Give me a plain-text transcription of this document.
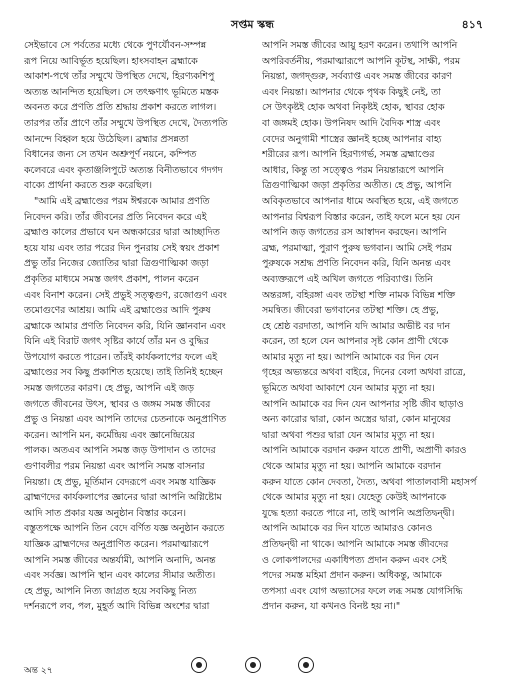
সপ্তম স্কন্ধ	৪১৭
সেইভাবে সে পর্বতের মধ্যে থেকে পুণর্যৌবন-সম্পন্ন
রূপ নিয়ে আবির্ভূত হয়েছিল। হাংসবাহন ব্রহ্মাকে
আকাশ-পথে তাঁর সম্মুখে উপস্থিত দেখে, হিরণ্যকশিপু
অত্যন্ত আনন্দিত হয়েছিল। সে তৎক্ষণাৎ ভূমিতে মস্তক
অবনত করে প্রণতি প্রতি শ্রদ্ধায় প্রকাশ করতে লাগল।
তারপর তাঁর প্রাণে তাঁর সম্মুখে উপস্থিত দেখে, দৈত্যপতি
আনন্দে বিহ্বল হয়ে উঠেছিল। ব্রহ্মার প্রসন্নতা
বিধানের জন্য সে তখন অশ্রুপূর্ণ নয়নে, কম্পিত
কলেবরে এবং কৃতাঞ্জলিপুটে অত্যন্ত বিনীতভাবে গদগদ
বাক্যে প্রার্থনা করতে শুরু করেছিল।
"আমি এই ব্রহ্মাণ্ডের পরম ঈশ্বরকে আমার প্রণতি
নিবেদন করি। তাঁর জীবনের প্রতি নিবেদন করে এই
ব্রহ্মাণ্ড কালের প্রভাবে ঘন অন্ধকারের দ্বারা আচ্ছাদিত
হয়ে যায় এবং তার পরের দিন পুনরায় সেই স্বয়ং প্রকাশ
প্রভু তাঁর নিজের জ্যোতির দ্বারা ত্রিগুণাত্মিকা জড়া
প্রকৃতির মাধ্যমে সমস্ত জগৎ প্রকাশ, পালন করেন
এবং বিনাশ করেন। সেই প্রভুই সত্ত্বগুণ, রজোগুণ এবং
তমোগুণের আশ্রয়। আমি এই ব্রহ্মাণ্ডের আদি পুরুষ
ব্রহ্মাকে আমার প্রণতি নিবেদন করি, যিনি জ্ঞানবান এবং
যিনি এই বিরাট জগৎ সৃষ্টির কার্যে তাঁর মন ও বুদ্ধির
উপযোগ করতে পারেন। তাঁরই কার্যকলাপের ফলে এই
ব্রহ্মাণ্ডের সব কিছু প্রকাশিত হয়েছে। তাই তিনিই হচ্ছেন
সমস্ত জগতের কারণ। হে প্রভু, আপনি এই জড়
জগতে জীবনের উৎস, স্থাবর ও জঙ্গম সমস্ত জীবের
প্রভু ও নিয়ন্তা এবং আপনি তাদের চেতনাকে অনুপ্রাণিত
করেন। আপনি মন, কর্মেন্দ্রিয় এবং জ্ঞানেন্দ্রিয়ের
পালক। অতএব আপনি সমস্ত জড় উপাদান ও তাদের
গুণাবলীর পরম নিয়ন্তা এবং আপনি সমস্ত বাসনার
নিয়ন্তা। হে প্রভু, মূর্তিমান বেদরূপে এবং সমস্ত যাজ্ঞিক
ব্রাহ্মণদের কার্যকলাপের জ্ঞানের দ্বারা আপনি অগ্নিষ্টোম
আদি সাত প্রকার যজ্ঞ অনুষ্ঠান বিস্তার করেন।
বস্তুতপক্ষে আপনি তিন বেদে বর্ণিত যজ্ঞ অনুষ্ঠান করতে
যাজ্ঞিক ব্রাহ্মণদের অনুপ্রাণিত করেন। পরমাত্মারূপে
আপনি সমস্ত জীবের অন্তর্যামী, আপনি অনাদি, অনন্ত
এবং সর্বজ্ঞ। আপনি স্থান এবং কালের সীমার অতীত।
হে প্রভু, আপনি নিত্য জাগ্রত হয়ে সবকিছু নিত্য
দর্শনরূপে লব, পল, মুহূর্ত আদি বিভিন্ন অংশের দ্বারা
আপনি সমস্ত জীবের আয়ু হরণ করেন। তথাপি আপনি
অপরিবর্তনীয়, পরমাত্মারূপে আপনি কূটস্থ, সাক্ষী, পরম
নিয়ন্তা, জগদ্গুরু, সর্বব্যাপ্ত এবং সমস্ত জীবের কারণ
এবং নিয়ন্তা। আপনার থেকে পৃথক কিছুই নেই, তা
সে উৎকৃষ্টই হোক অথবা নিকৃষ্টই হোক, স্থাবর হোক
বা জঙ্গমই হোক। উপনিষদ আদি বৈদিক শাস্ত্র এবং
বেদের অনুগামী শাস্ত্রের জ্ঞানই হচ্ছে আপনার বাহ্য
শরীরের রূপ। আপনি হিরণ্যগর্ভ, সমস্ত ব্রহ্মাণ্ডের
আধার, কিন্তু তা সত্ত্বেও পরম নিয়ন্তারূপে আপনি
ত্রিগুণাত্মিকা জড়া প্রকৃতির অতীত। হে প্রভু, আপনি
অবিকৃতভাবে আপনার ধামে অবস্থিত হয়ে, এই জগতে
আপনার বিশ্বরূপ বিস্তার করেন, তাই ফলে মনে হয় যেন
আপনি জড় জগতের রস আস্বাদন করছেন। আপনি
ব্রহ্ম, পরমাত্মা, পুরাণ পুরুষ ভগবান। আমি সেই পরম
পুরুষকে সশ্রদ্ধ প্রণতি নিবেদন করি, যিনি অনন্ত এবং
অব্যক্তরূপে এই অখিল জগতে পরিব্যাপ্ত। তিনি
অন্তরঙ্গা, বহিরঙ্গা এবং তটস্থা শক্তি নামক বিভিন্ন শক্তি
সমন্বিত। জীবেরা ভগবানের তটস্থা শক্তি। হে প্রভু,
হে শ্রেষ্ঠ বরদাতা, আপনি যদি আমার অভীষ্ট বর দান
করেন, তা হলে যেন আপনার সৃষ্ট কোন প্রাণী থেকে
আমার মৃত্যু না হয়। আপনি আমাকে বর দিন যেন
গৃহের অভ্যন্তরে অথবা বাইরে, দিনের বেলা অথবা রাত্রে,
ভূমিতে অথবা আকাশে যেন আমার মৃত্যু না হয়।
আপনি আমাকে বর দিন যেন আপনার সৃষ্টি জীব ছাড়াও
অন্য কারোর দ্বারা, কোন অস্ত্রের দ্বারা, কোন মানুষের
দ্বারা অথবা পশুর দ্বারা যেন আমার মৃত্যু না হয়।
আপনি আমাকে বরদান করুন যাতে প্রাণী, অপ্রাণী কারও
থেকে আমার মৃত্যু না হয়। আপনি আমাকে বরদান
করুন যাতে কোন দেবতা, দৈত্য, অথবা পাতালবাসী মহাসর্প
থেকে আমার মৃত্যু না হয়। যেহেতু কেউই আপনাকে
যুদ্ধে হত্যা করতে পারে না, তাই আপনি অপ্রতিদ্বন্দ্বী।
আপনি আমাকে বর দিন যাতে আমারও কোনও
প্রতিদ্বন্দ্বী না থাকে। আপনি আমাকে সমস্ত জীবদের
ও লোকপালদের একাধিপত্য প্রদান করুন এবং সেই
পদের সমস্ত মহিমা প্রদান করুন। অধিকন্তু, আমাকে
তপস্যা এবং যোগ অভ্যাসের ফলে লব্ধ সমস্ত যোগসিদ্ধি
প্রদান করুন, যা কখনও বিনষ্ট হয় না।"
অন্ত ২৭
